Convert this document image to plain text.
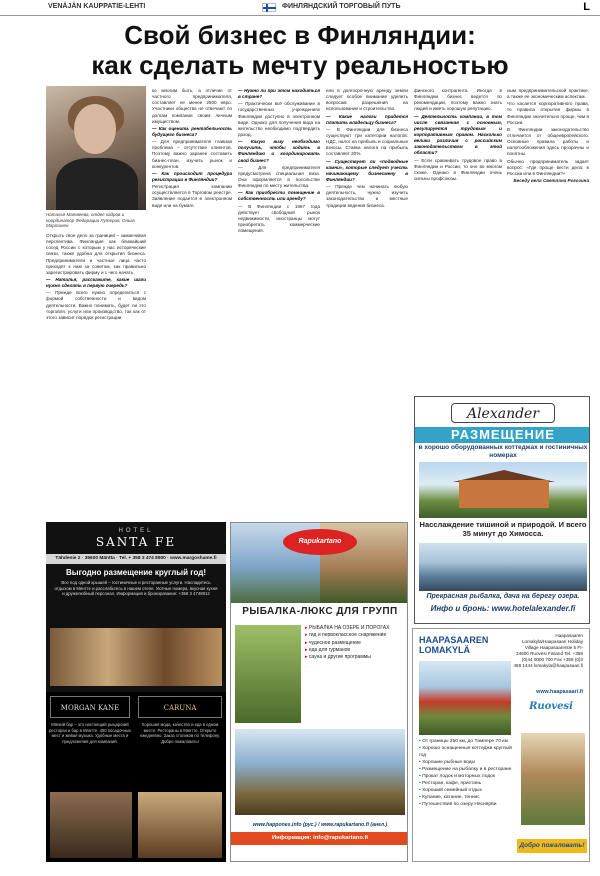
VENÄJÄN KAUPPATIE-LEHTI	ФИНЛЯНДСКИЙ ТОРГОВЫЙ ПУТЬ	L
Свой бизнес в Финляндии:
как сделать мечту реальностью
Наталья Матвеева, отдел кадров и координатор Федерации Лутерия, Ольга Мартинен

Открыть свое дело за границей – заманчивая перспектива. Финляндия как ближайший сосед России с которым у нас исторические связи, также удобна для открытия бизнеса. Предприниматели и частные лица часто приходят к нам за советом, как правильно зарегистрировать фирму и с чего начать.

— Наталья, расскажите, какие шаги нужно сделать в первую очередь?

— Прежде всего нужно определиться с формой собственности и видом деятельности. Важно понимать, будет ли это торговля, услуги или производство, так как от этого зависит порядок регистрации.

ко многим быть, а отличие от частного предпринимателя, составляет не менее 2500 евро. Участники общества не отвечают по долгам компании своим личным имуществом.

— Как оценить рентабельность будущего бизнеса?

— Для предпринимателя главная проблема – отсутствие клиентов. Поэтому важно заранее составить бизнес-план, изучить рынок и конкурентов.

— Как происходит процедура регистрации в Финляндии?

Регистрация компании осуществляется в Торговом реестре. Заявление подается в электронном виде или на бумаге.

— Нужно ли при этом находиться в стране?

— Практически всё обслуживание в государственных учреждениях Финляндии доступно в электронном виде. Однако для получения вида на жительство необходимо подтвердить доход.

— Какую визу необходимо получить, чтобы ходить в Финляндию и координировать свой бизнес?

— Для предпринимателя предусмотрена специальная виза. Она оформляется в посольстве Финляндии по месту жительства.

— Как приобрести помещение в собственность или аренду?

— В Финляндии с 1997 года действует свободный рынок недвижимости, иностранцы могут приобретать коммерческие помещения.

или в долгосрочную аренду земли следует особое внимание уделить вопросам разрешения на использование и строительство.

— Какие налоги придется платить владельцу бизнеса?

— В Финляндии для бизнеса существуют три категории налогов: НДС, налог на прибыль и социальные взносы. Ставка налога на прибыль составляет 20%.

— Существует ли «подводные камни», которые следует учесть начинающему бизнесмену в Финляндии?

— Прежде чем начинать любую деятельность, нужно изучить законодательство и местные традиции ведения бизнеса.

финского контрагента. Иногда в Финляндии бизнес ведется по рекомендации, поэтому важно знать людей и иметь хорошую репутацию.

— Деятельность компании, в том числе связанная с основным, регулируется трудовым и корпоративным правом. Насколько велики различия с российским законодательством в этой области?

— Если сравнивать трудовое право в Финляндии и России, то оно во многом схоже. Однако в Финляндии очень сильны профсоюзы.

ным предпринимательской практике, а также ее экономическим аспектам.

Что касается корпоративного права, то правила открытия фирмы в Финляндии значительно проще, чем в России.

В Финляндии законодательство отличается от общеевропейского. Основные правила работы и налогообложения здесь прозрачны и понятны.

Обычно предприниматель задает вопрос: «Где проще вести дела: в России или в Финляндии?»

Беседу вела Светлана Рогозина

Alexander
РАЗМЕЩЕНИЕ
в хорошо оборудованных коттеджах и гостиничных номерах
Насслаждение тишиной и природой. И всего 35 минут до Химосса.
Прекрасная рыбалка, дача на берегу озера.
Инфо и бронь: www.hotelalexander.fi
HOTEL
SANTA FE
Tähdenie 2 · 35600 Mäntta · Tel. + 358 3 474 8900 · www.margoshame.fi
Выгодно размещение круглый год!
Все под одной крышей – гостиничные и ресторанные услуги. Насладитесь отдыхом в Мянтте и расслабьтесь в нашем отеле. Уютные номера, вкусная кухня и дружелюбный персонал. Информация и бронирование: +358 3 4748912
MORGAN KANE	CARUNA
Мягкий бар – это настоящий рыцарский ресторан и бар в Мянтте. 400 посадочных мест и живая музыка. Удобные места и предложения для компаний.
Хорошая мода, качество и еда в одном месте. Рестораны в Мянтте. Открыто ежедневно. Заказ столиков по телефону. Добро пожаловать!
Rapukartano
РЫБАЛКА-ЛЮКС ДЛЯ ГРУПП
▸ РЫБАЛКА НА ОЗЕРЕ И ПОРОГАХ
▸ гид и первоклассное снаряжение
▸ чудесное размещение
▸ еда для гурманов
▸ сауна и другие программы
www.happones.info (рус.) / www.rapukartano.fi (англ.)
Информация: info@rapukartano.fi
HAAPASAAREN
LOMAKYLÄ
Haapasaaren Lomakylä/Haapasaari Holiday Village Haapasaarentie 5 FI-34600 Ruovesi Finland Tel. +358 (0)44 0000 700 Fax +358 (0)3 488 1444 lomakyla@haapasaari.fi
www.haapasaari.fi
Ruovesi
• От границы 250 км, до Тампере 70 км
• Хорошо оснащенные коттеджи круглый год
• Хорошие рыбные воды
• Размещение на рыбалку и в ресторане
• Прокат лодок и моторных лодок
• Ресторан, кафе, пристань
• Хороший семейный отдых
• Купание, катание, теннис
• Путешествия по озеру Нясиярви
Добро пожаловать!
